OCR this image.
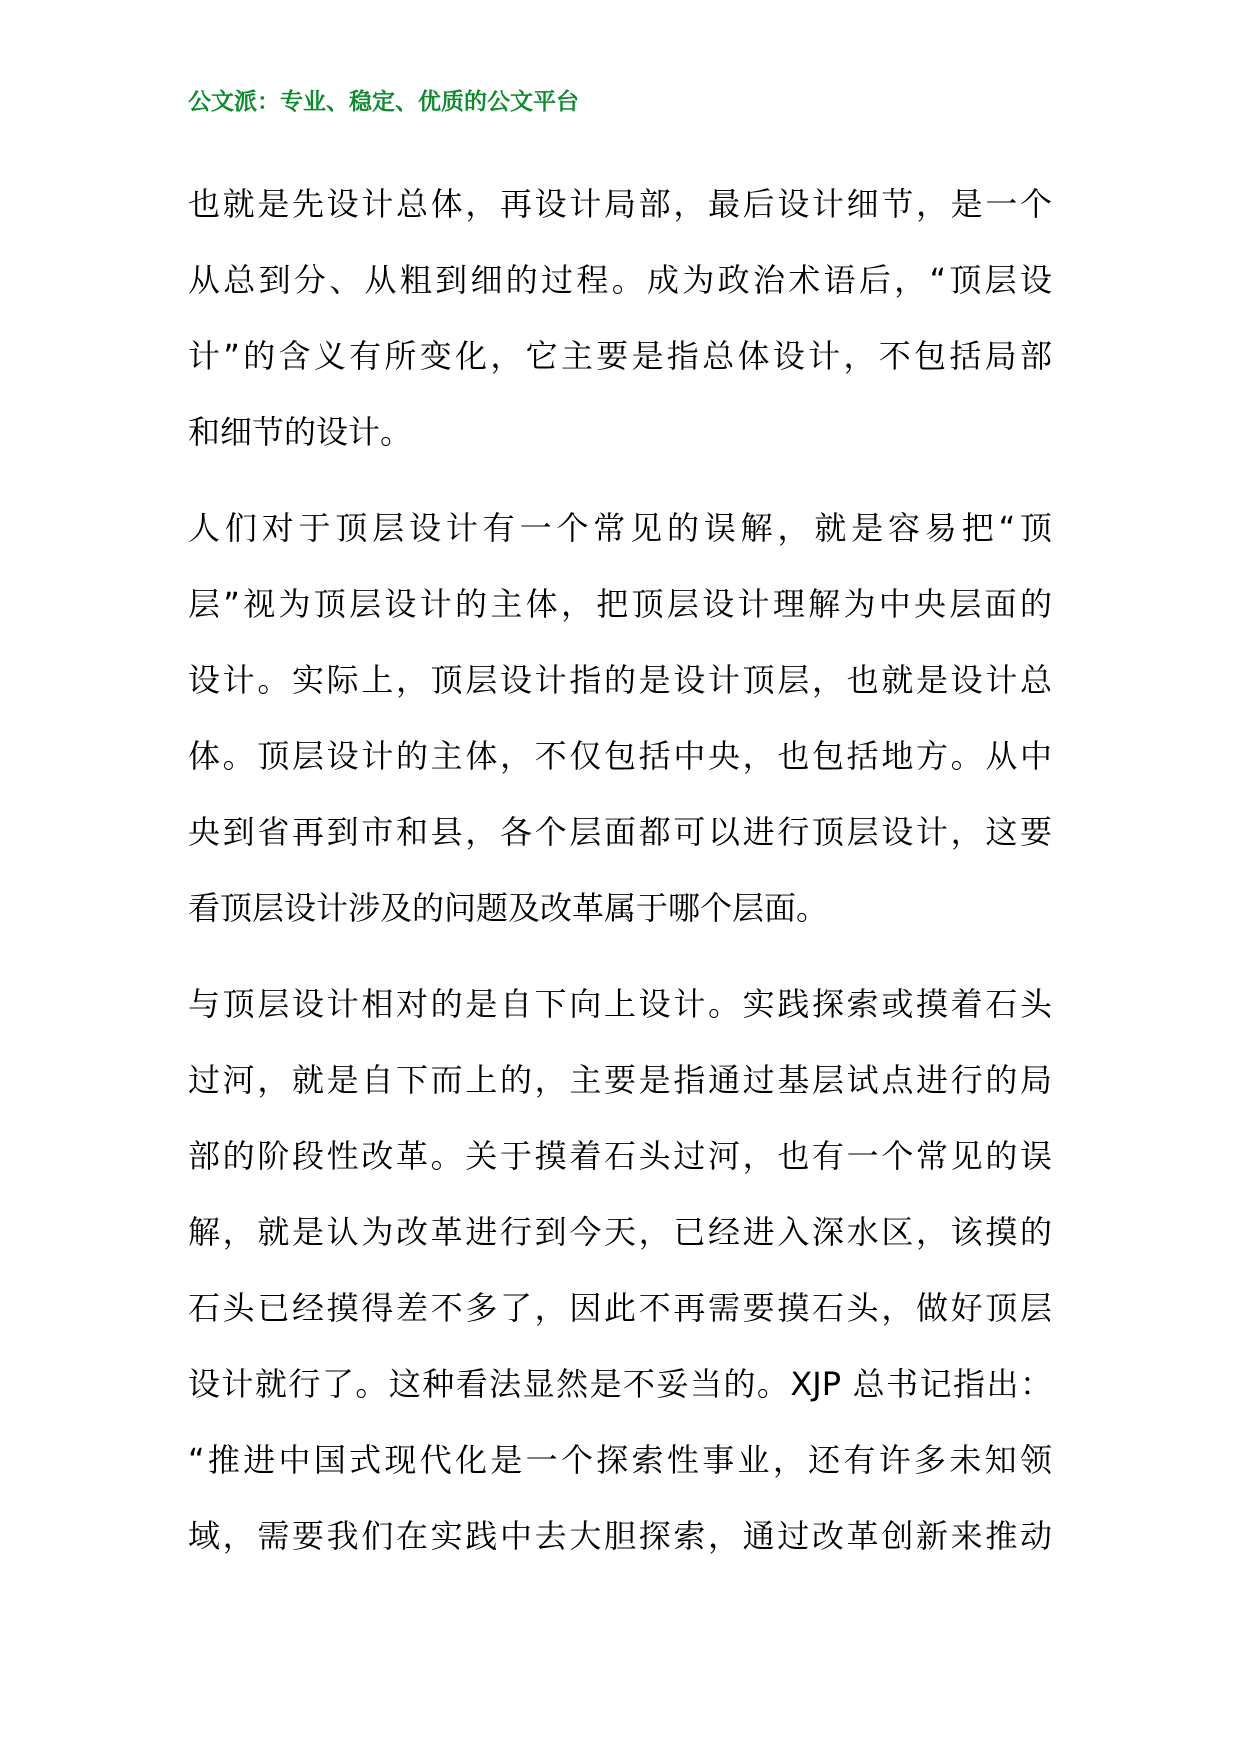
公文派：专业、稳定、优质的公文平台
也就是先设计总体，再设计局部，最后设计细节，是一个
从总到分、从粗到细的过程。成为政治术语后，“顶层设
计”的含义有所变化，它主要是指总体设计，不包括局部
和细节的设计。
人们对于顶层设计有一个常见的误解，就是容易把“顶
层”视为顶层设计的主体，把顶层设计理解为中央层面的
设计。实际上，顶层设计指的是设计顶层，也就是设计总
体。顶层设计的主体，不仅包括中央，也包括地方。从中
央到省再到市和县，各个层面都可以进行顶层设计，这要
看顶层设计涉及的问题及改革属于哪个层面。
与顶层设计相对的是自下向上设计。实践探索或摸着石头
过河，就是自下而上的，主要是指通过基层试点进行的局
部的阶段性改革。关于摸着石头过河，也有一个常见的误
解，就是认为改革进行到今天，已经进入深水区，该摸的
石头已经摸得差不多了，因此不再需要摸石头，做好顶层
设计就行了。这种看法显然是不妥当的。XJP 总书记指出：
“推进中国式现代化是一个探索性事业，还有许多未知领
域，需要我们在实践中去大胆探索，通过改革创新来推动
